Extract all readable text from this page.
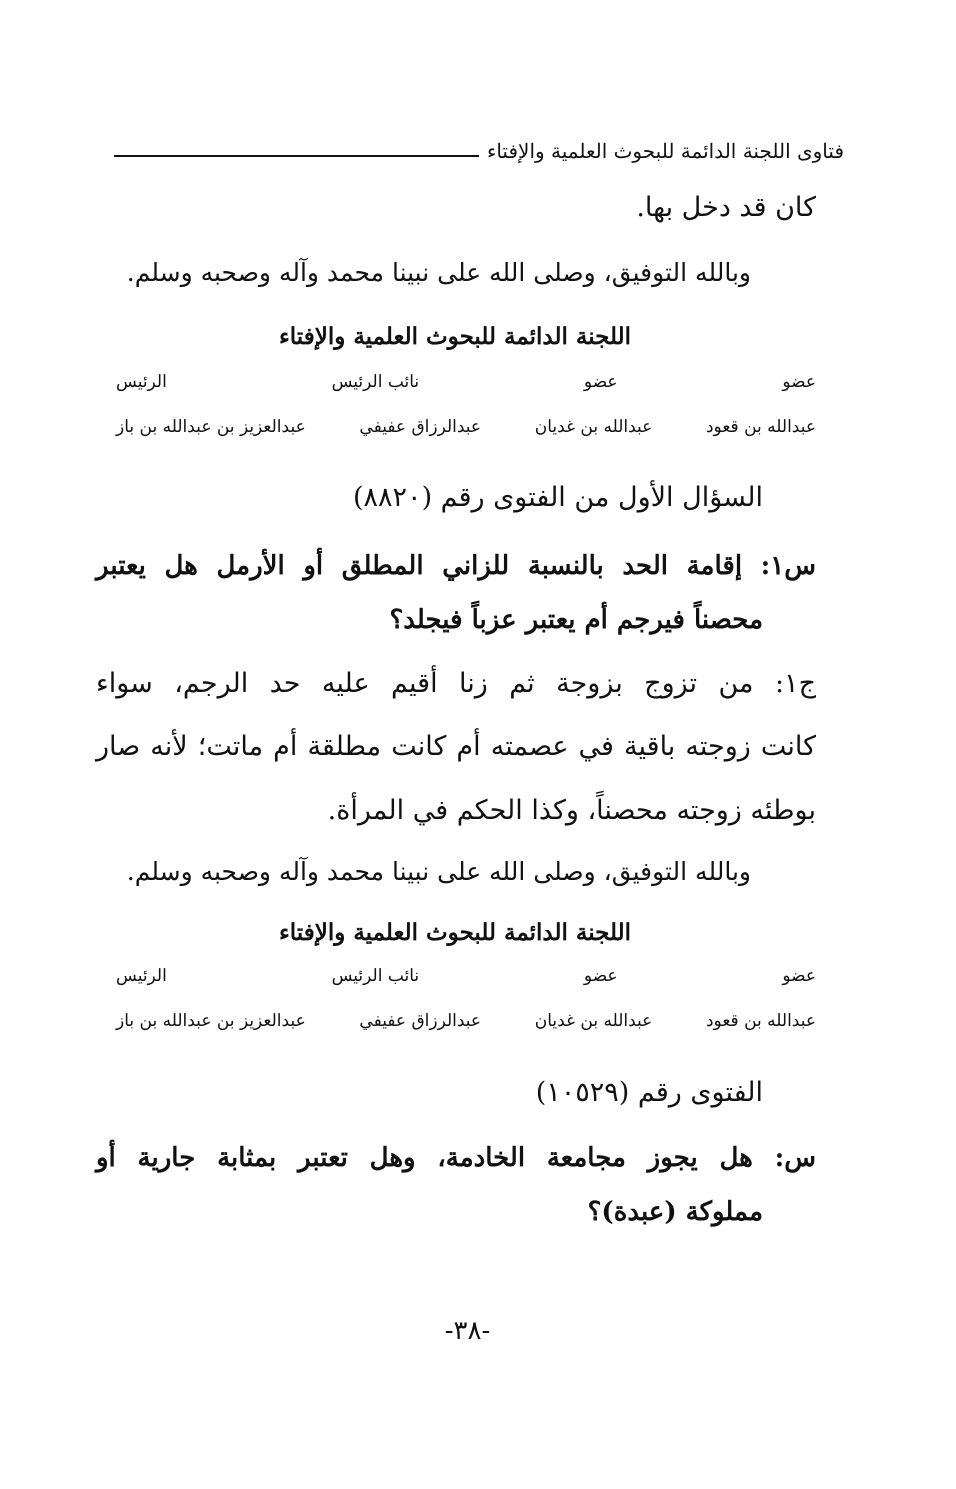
فتاوى اللجنة الدائمة للبحوث العلمية والإفتاء
كان قد دخل بها.
وبالله التوفيق، وصلى الله على نبينا محمد وآله وصحبه وسلم.
اللجنة الدائمة للبحوث العلمية والإفتاء
عضو
عضو
نائب الرئيس
الرئيس
عبدالله بن قعود
عبدالله بن غديان
عبدالرزاق عفيفي
عبدالعزيز بن عبدالله بن باز
السؤال الأول من الفتوى رقم (٨٨٢٠)
س١: إقامة الحد بالنسبة للزاني المطلق أو الأرمل هل يعتبر
محصناً فيرجم أم يعتبر عزباً فيجلد؟
ج١: من تزوج بزوجة ثم زنا أقيم عليه حد الرجم، سواء
كانت زوجته باقية في عصمته أم كانت مطلقة أم ماتت؛ لأنه صار
بوطئه زوجته محصناً، وكذا الحكم في المرأة.
وبالله التوفيق، وصلى الله على نبينا محمد وآله وصحبه وسلم.
اللجنة الدائمة للبحوث العلمية والإفتاء
عضو
عضو
نائب الرئيس
الرئيس
عبدالله بن قعود
عبدالله بن غديان
عبدالرزاق عفيفي
عبدالعزيز بن عبدالله بن باز
الفتوى رقم (١٠٥٢٩)
س: هل يجوز مجامعة الخادمة، وهل تعتبر بمثابة جارية أو
مملوكة (عبدة)؟
-٣٨-
